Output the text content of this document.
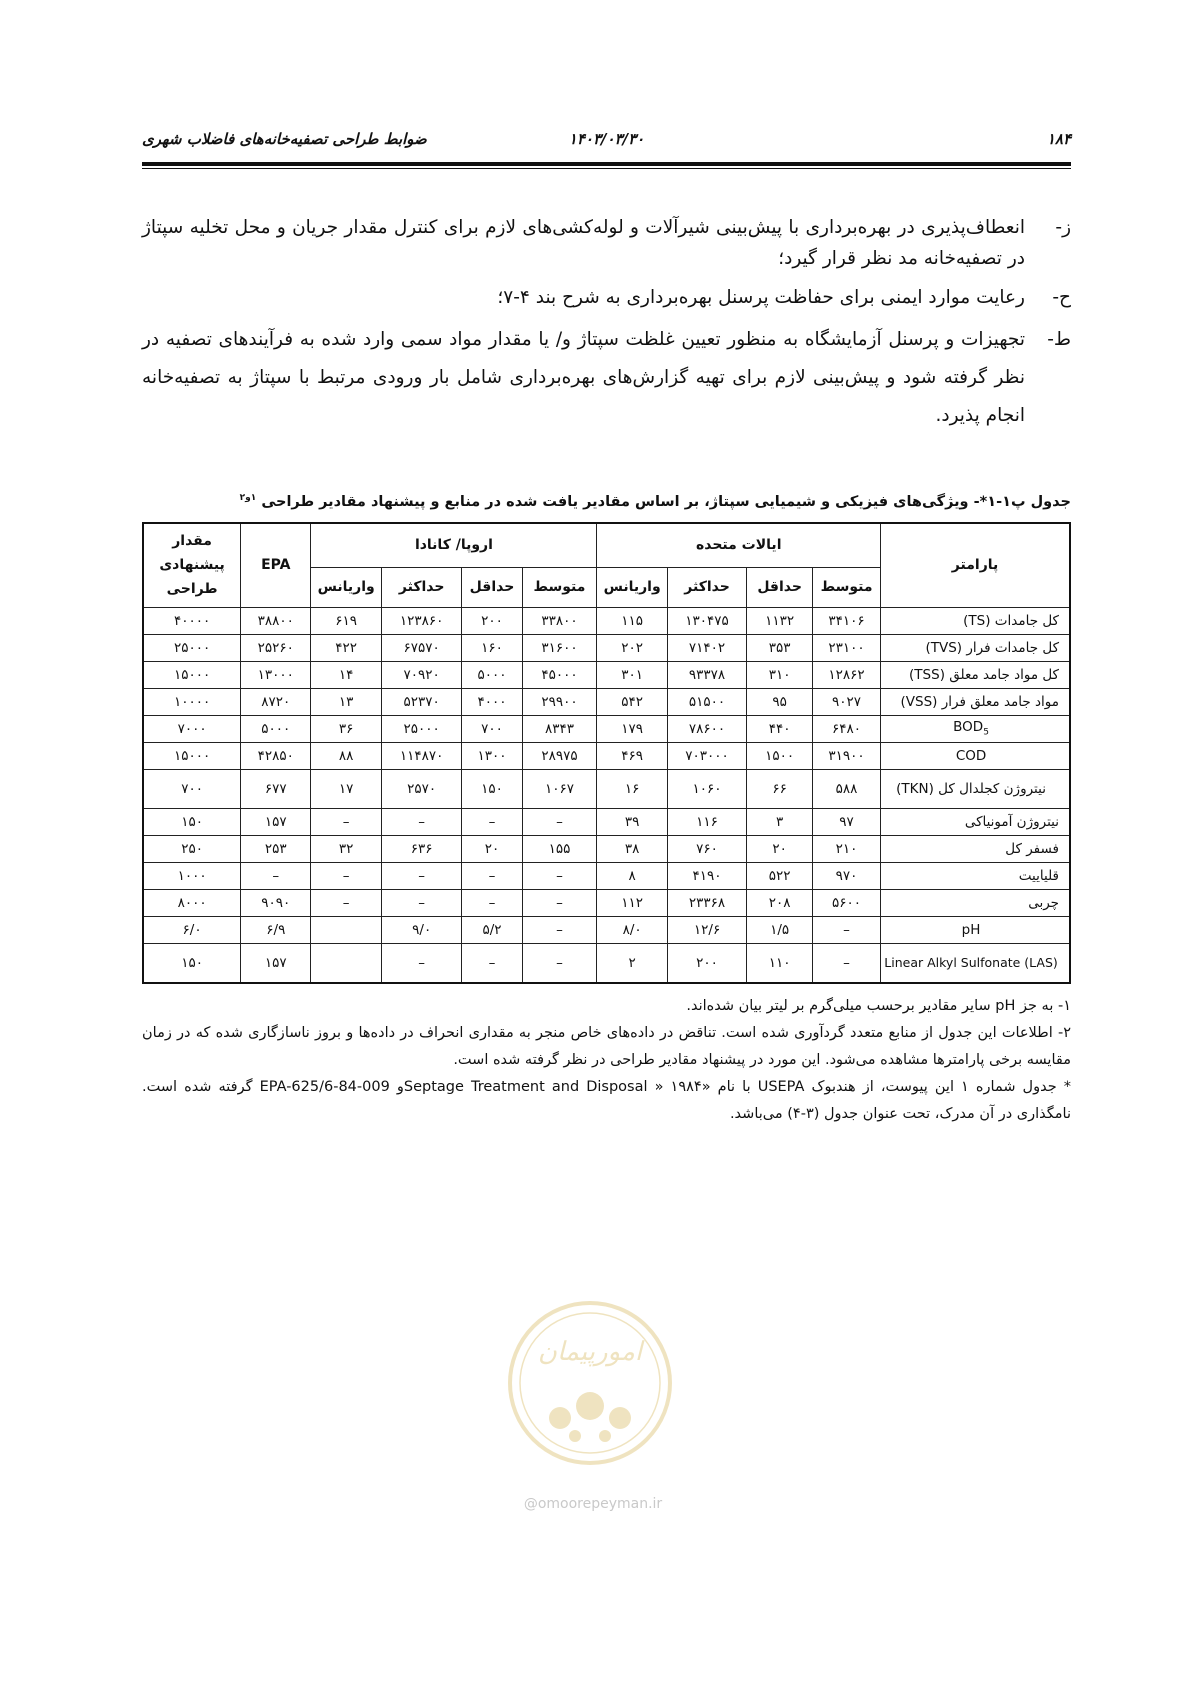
۱۸۴
۱۴۰۳/۰۳/۳۰
ضوابط طراحی تصفیه‌خانه‌های فاضلاب شهری
ز-
انعطاف‌پذیری در بهره‌برداری با پیش‌بینی شیرآلات و لوله‌کشی‌های لازم برای کنترل مقدار جریان و محل تخلیه سپتاژ در تصفیه‌خانه مد نظر قرار گیرد؛
ح-
رعایت موارد ایمنی برای حفاظت پرسنل بهره‌برداری به شرح بند ۴-۷؛
ط-
تجهیزات و پرسنل آزمایشگاه به منظور تعیین غلظت سپتاژ و/ یا مقدار مواد سمی وارد شده به فرآیندهای تصفیه در نظر گرفته شود و پیش‌بینی لازم برای تهیه گزارش‌های بهره‌برداری شامل بار ورودی مرتبط با سپتاژ به تصفیه‌خانه انجام پذیرد.
جدول پ۱-۱*- ویژگی‌های فیزیکی و شیمیایی سپتاژ، بر اساس مقادیر یافت شده در منابع و پیشنهاد مقادیر طراحی $^{۱و۲}$
پارامتر	ایالات متحده				اروپا/ کانادا				EPA	مقدار پیشنهادی طراحی
	متوسط	حداقل	حداکثر	واریانس	متوسط	حداقل	حداکثر	واریانس		
کل جامدات (TS)	۳۴۱۰۶	۱۱۳۲	۱۳۰۴۷۵	۱۱۵	۳۳۸۰۰	۲۰۰	۱۲۳۸۶۰	۶۱۹	۳۸۸۰۰	۴۰۰۰۰
کل جامدات فرار (TVS)	۲۳۱۰۰	۳۵۳	۷۱۴۰۲	۲۰۲	۳۱۶۰۰	۱۶۰	۶۷۵۷۰	۴۲۲	۲۵۲۶۰	۲۵۰۰۰
کل مواد جامد معلق (TSS)	۱۲۸۶۲	۳۱۰	۹۳۳۷۸	۳۰۱	۴۵۰۰۰	۵۰۰۰	۷۰۹۲۰	۱۴	۱۳۰۰۰	۱۵۰۰۰
مواد جامد معلق فرار (VSS)	۹۰۲۷	۹۵	۵۱۵۰۰	۵۴۲	۲۹۹۰۰	۴۰۰۰	۵۲۳۷۰	۱۳	۸۷۲۰	۱۰۰۰۰
$BOD_5$	۶۴۸۰	۴۴۰	۷۸۶۰۰	۱۷۹	۸۳۴۳	۷۰۰	۲۵۰۰۰	۳۶	۵۰۰۰	۷۰۰۰
COD	۳۱۹۰۰	۱۵۰۰	۷۰۳۰۰۰	۴۶۹	۲۸۹۷۵	۱۳۰۰	۱۱۴۸۷۰	۸۸	۴۲۸۵۰	۱۵۰۰۰
نیتروژن کجلدال کل (TKN)	۵۸۸	۶۶	۱۰۶۰	۱۶	۱۰۶۷	۱۵۰	۲۵۷۰	۱۷	۶۷۷	۷۰۰
نیتروژن آمونیاکی	۹۷	۳	۱۱۶	۳۹	–	–	–	–	۱۵۷	۱۵۰
فسفر کل	۲۱۰	۲۰	۷۶۰	۳۸	۱۵۵	۲۰	۶۳۶	۳۲	۲۵۳	۲۵۰
قلیاییت	۹۷۰	۵۲۲	۴۱۹۰	۸	–	–	–	–	–	۱۰۰۰
چربی	۵۶۰۰	۲۰۸	۲۳۳۶۸	۱۱۲	–	–	–	–	۹۰۹۰	۸۰۰۰
pH	–	۱/۵	۱۲/۶	۸/۰	–	۵/۲	۹/۰		۶/۹	۶/۰
Linear Alkyl Sulfonate (LAS)	–	۱۱۰	۲۰۰	۲	–	–	–		۱۵۷	۱۵۰

۱- به جز pH سایر مقادیر برحسب میلی‌گرم بر لیتر بیان شده‌اند.

۲- اطلاعات این جدول از منابع متعدد گردآوری شده است. تناقض در داده‌های خاص منجر به مقداری انحراف در داده‌ها و بروز ناسازگاری شده که در زمان مقایسه برخی پارامترها مشاهده می‌شود. این مورد در پیشنهاد مقادیر طراحی در نظر گرفته شده است.

* جدول شماره ۱ این پیوست، از هندبوک USEPA با نام «Septage Treatment and Disposal » ۱۹۸۴و EPA-625/6-84-009 گرفته شده است. نامگذاری در آن مدرک، تحت عنوان جدول (۳-۴) می‌باشد.

امورپیمان
@omoorepeyman.ir
